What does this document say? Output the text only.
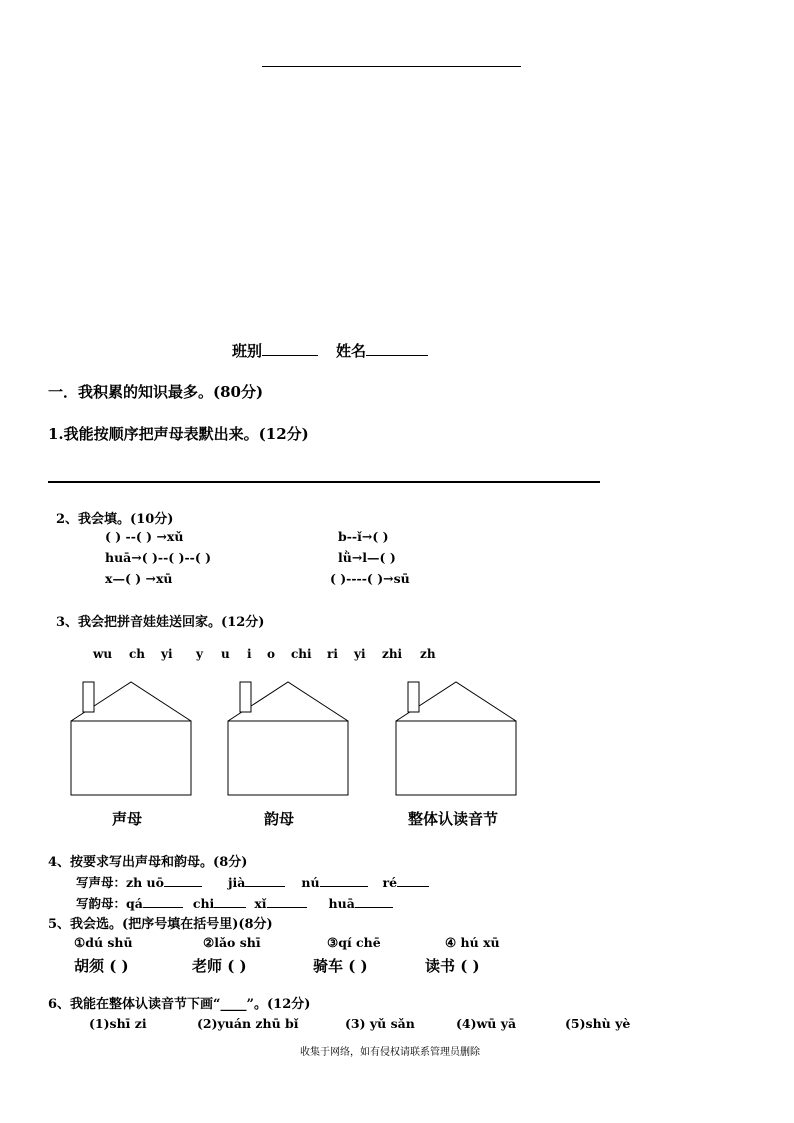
班别	姓名
一．我积累的知识最多。(80分)
1.我能按顺序把声母表默出来。(12分)
2、我会填。(10分)
( ) --( ) →xǔ	b--ǐ→( )
huā→( )--( )--( )	lǜ→l—( )
x—( ) →xū	( )----( )→sū
3、我会把拼音娃娃送回家。(12分)
wu ch yi y u i o chi ri yi zhi zh
声母	韵母	整体认读音节
4、按要求写出声母和韵母。(8分)
写声母：zh uō	jià	nú	ré
写韵母：qá	chi	xǐ	huā
5、我会选。(把序号填在括号里)(8分)
①dú shū	②lǎo shī	③qí chē	④ hú xū
胡须 ( )	老师 ( )	骑车 ( )	读书 ( )
6、我能在整体认读音节下画“____”。(12分)
(1)shī zi	(2)yuán zhū bǐ	(3) yǔ sǎn	(4)wū yā	(5)shù yè
收集于网络，如有侵权请联系管理员删除
